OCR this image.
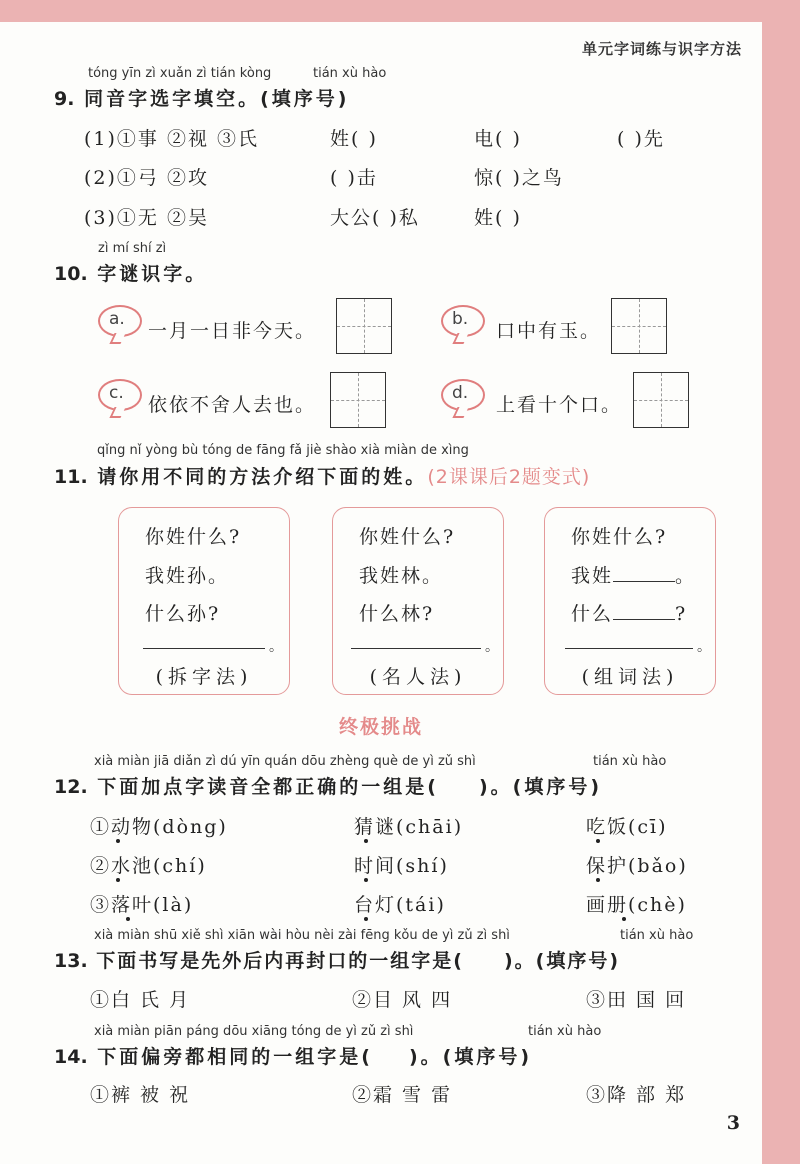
单元字词练与识字方法
tóng yīn zì xuǎn zì tián kòng	tián xù hào
9. 同音字选字填空。(填序号)
(1)①事 ②视 ③氏	姓( )	电( )	( )先
(2)①弓 ②攻	( )击	惊( )之鸟
(3)①无 ②吴	大公( )私	姓( )
zì mí shí zì
10. 字谜识字。
a.
一月一日非今天。
b.
口中有玉。
c.
依依不舍人去也。
d.
上看十个口。
qǐng nǐ yòng bù tóng de fāng fǎ jiè shào xià miàn de xìng
11. 请你用不同的方法介绍下面的姓。(2课课后2题变式)
你姓什么?
我姓孙。
什么孙?
。
(拆字法)
你姓什么?
我姓林。
什么林?
。
(名人法)
你姓什么?
我姓	。
什么	?
。
(组词法)
终极挑战
xià miàn jiā diǎn zì dú yīn quán dōu zhèng què de yì zǔ shì	tián xù hào
12. 下面加点字读音全都正确的一组是( )。(填序号)
①动物(dòng)	猜谜(chāi)	吃饭(cī)
②水池(chí)	时间(shí)	保护(bǎo)
③落叶(là)	台灯(tái)	画册(chè)
xià miàn shū xiě shì xiān wài hòu nèi zài fēng kǒu de yì zǔ zì shì	tián xù hào
13. 下面书写是先外后内再封口的一组字是( )。(填序号)
①白 氏 月	②目 风 四	③田 国 回
xià miàn piān páng dōu xiāng tóng de yì zǔ zì shì	tián xù hào
14. 下面偏旁都相同的一组字是( )。(填序号)
①裤 被 祝	②霜 雪 雷	③降 部 郑
3
